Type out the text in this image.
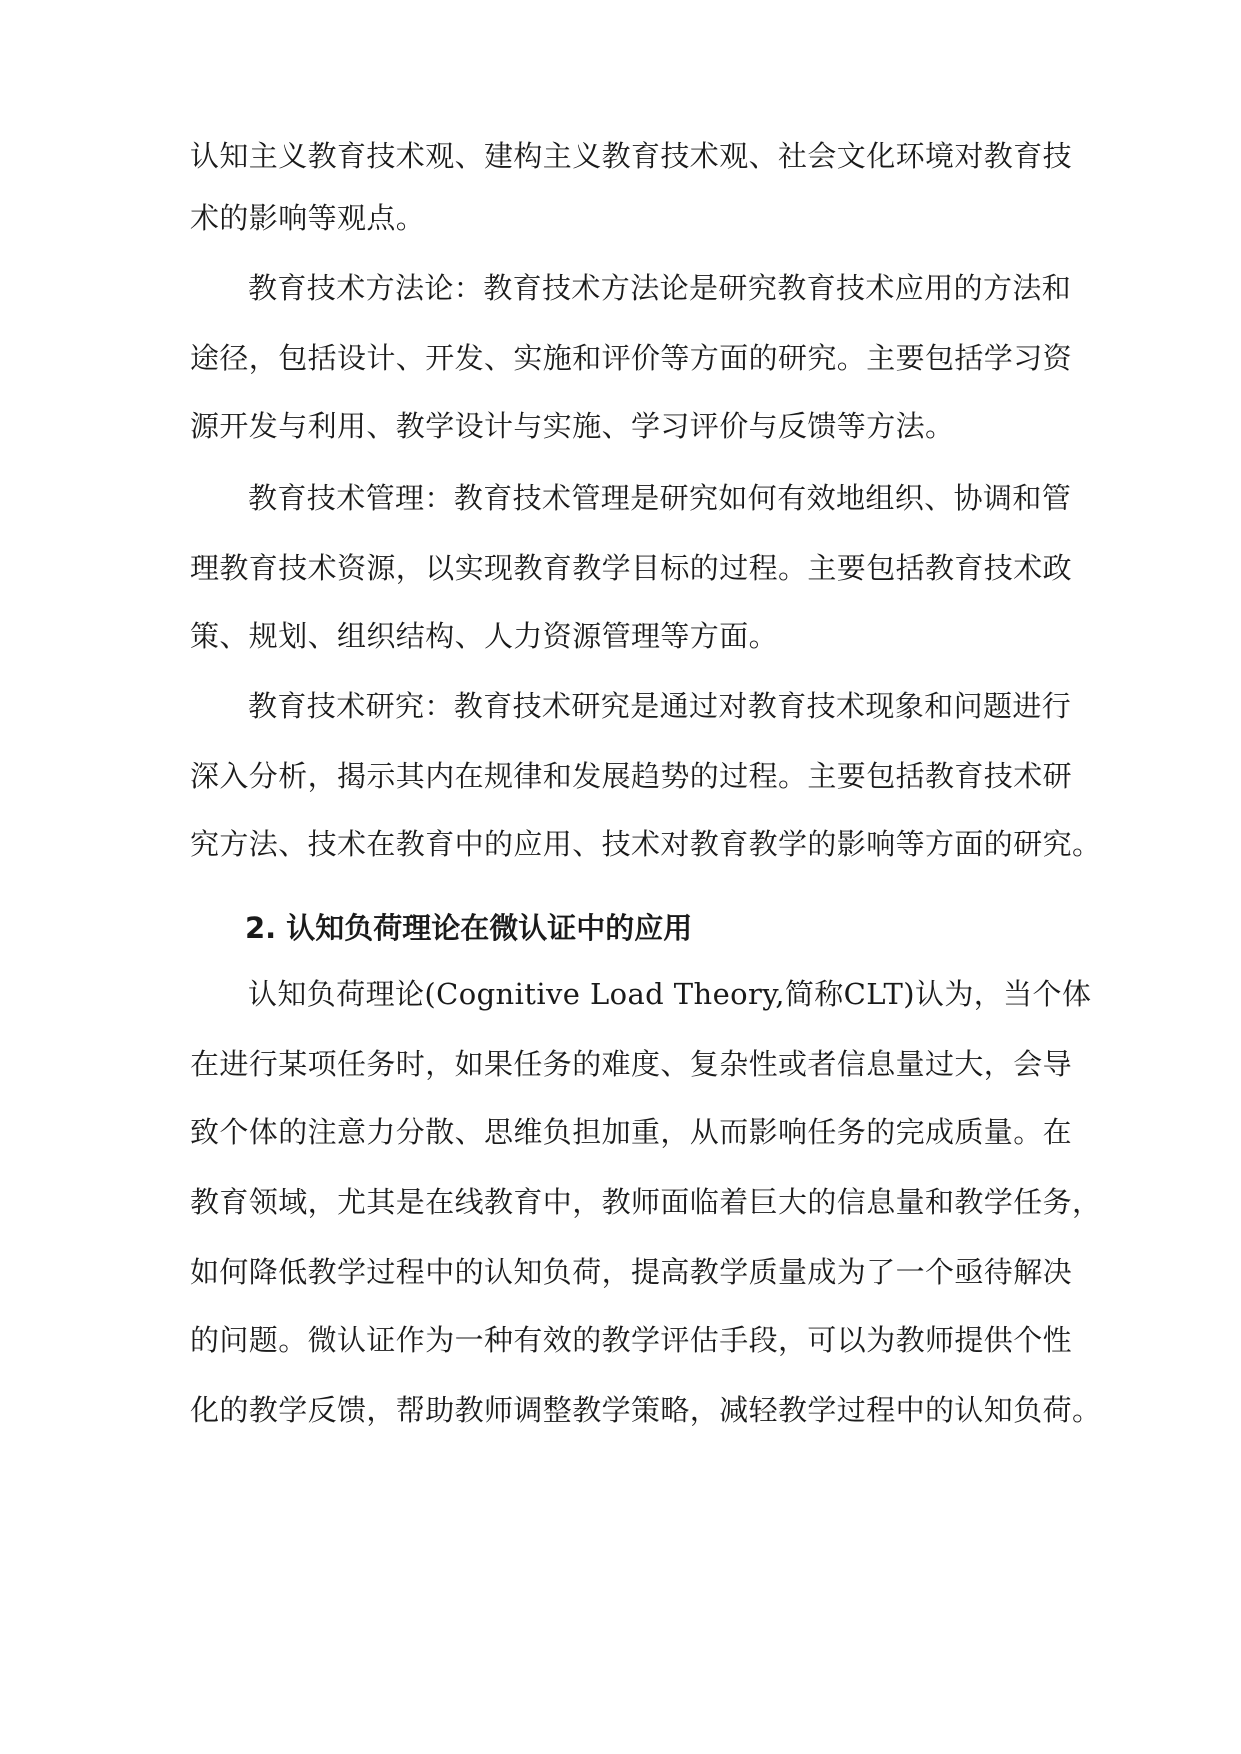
认知主义教育技术观、建构主义教育技术观、社会文化环境对教育技
术的影响等观点。
教育技术方法论：教育技术方法论是研究教育技术应用的方法和
途径，包括设计、开发、实施和评价等方面的研究。主要包括学习资
源开发与利用、教学设计与实施、学习评价与反馈等方法。
教育技术管理：教育技术管理是研究如何有效地组织、协调和管
理教育技术资源，以实现教育教学目标的过程。主要包括教育技术政
策、规划、组织结构、人力资源管理等方面。
教育技术研究：教育技术研究是通过对教育技术现象和问题进行
深入分析，揭示其内在规律和发展趋势的过程。主要包括教育技术研
究方法、技术在教育中的应用、技术对教育教学的影响等方面的研究。
2. 认知负荷理论在微认证中的应用
认知负荷理论(Cognitive Load Theory,简称CLT)认为，当个体
在进行某项任务时，如果任务的难度、复杂性或者信息量过大，会导
致个体的注意力分散、思维负担加重，从而影响任务的完成质量。在
教育领域，尤其是在线教育中，教师面临着巨大的信息量和教学任务，
如何降低教学过程中的认知负荷，提高教学质量成为了一个亟待解决
的问题。微认证作为一种有效的教学评估手段，可以为教师提供个性
化的教学反馈，帮助教师调整教学策略，减轻教学过程中的认知负荷。
